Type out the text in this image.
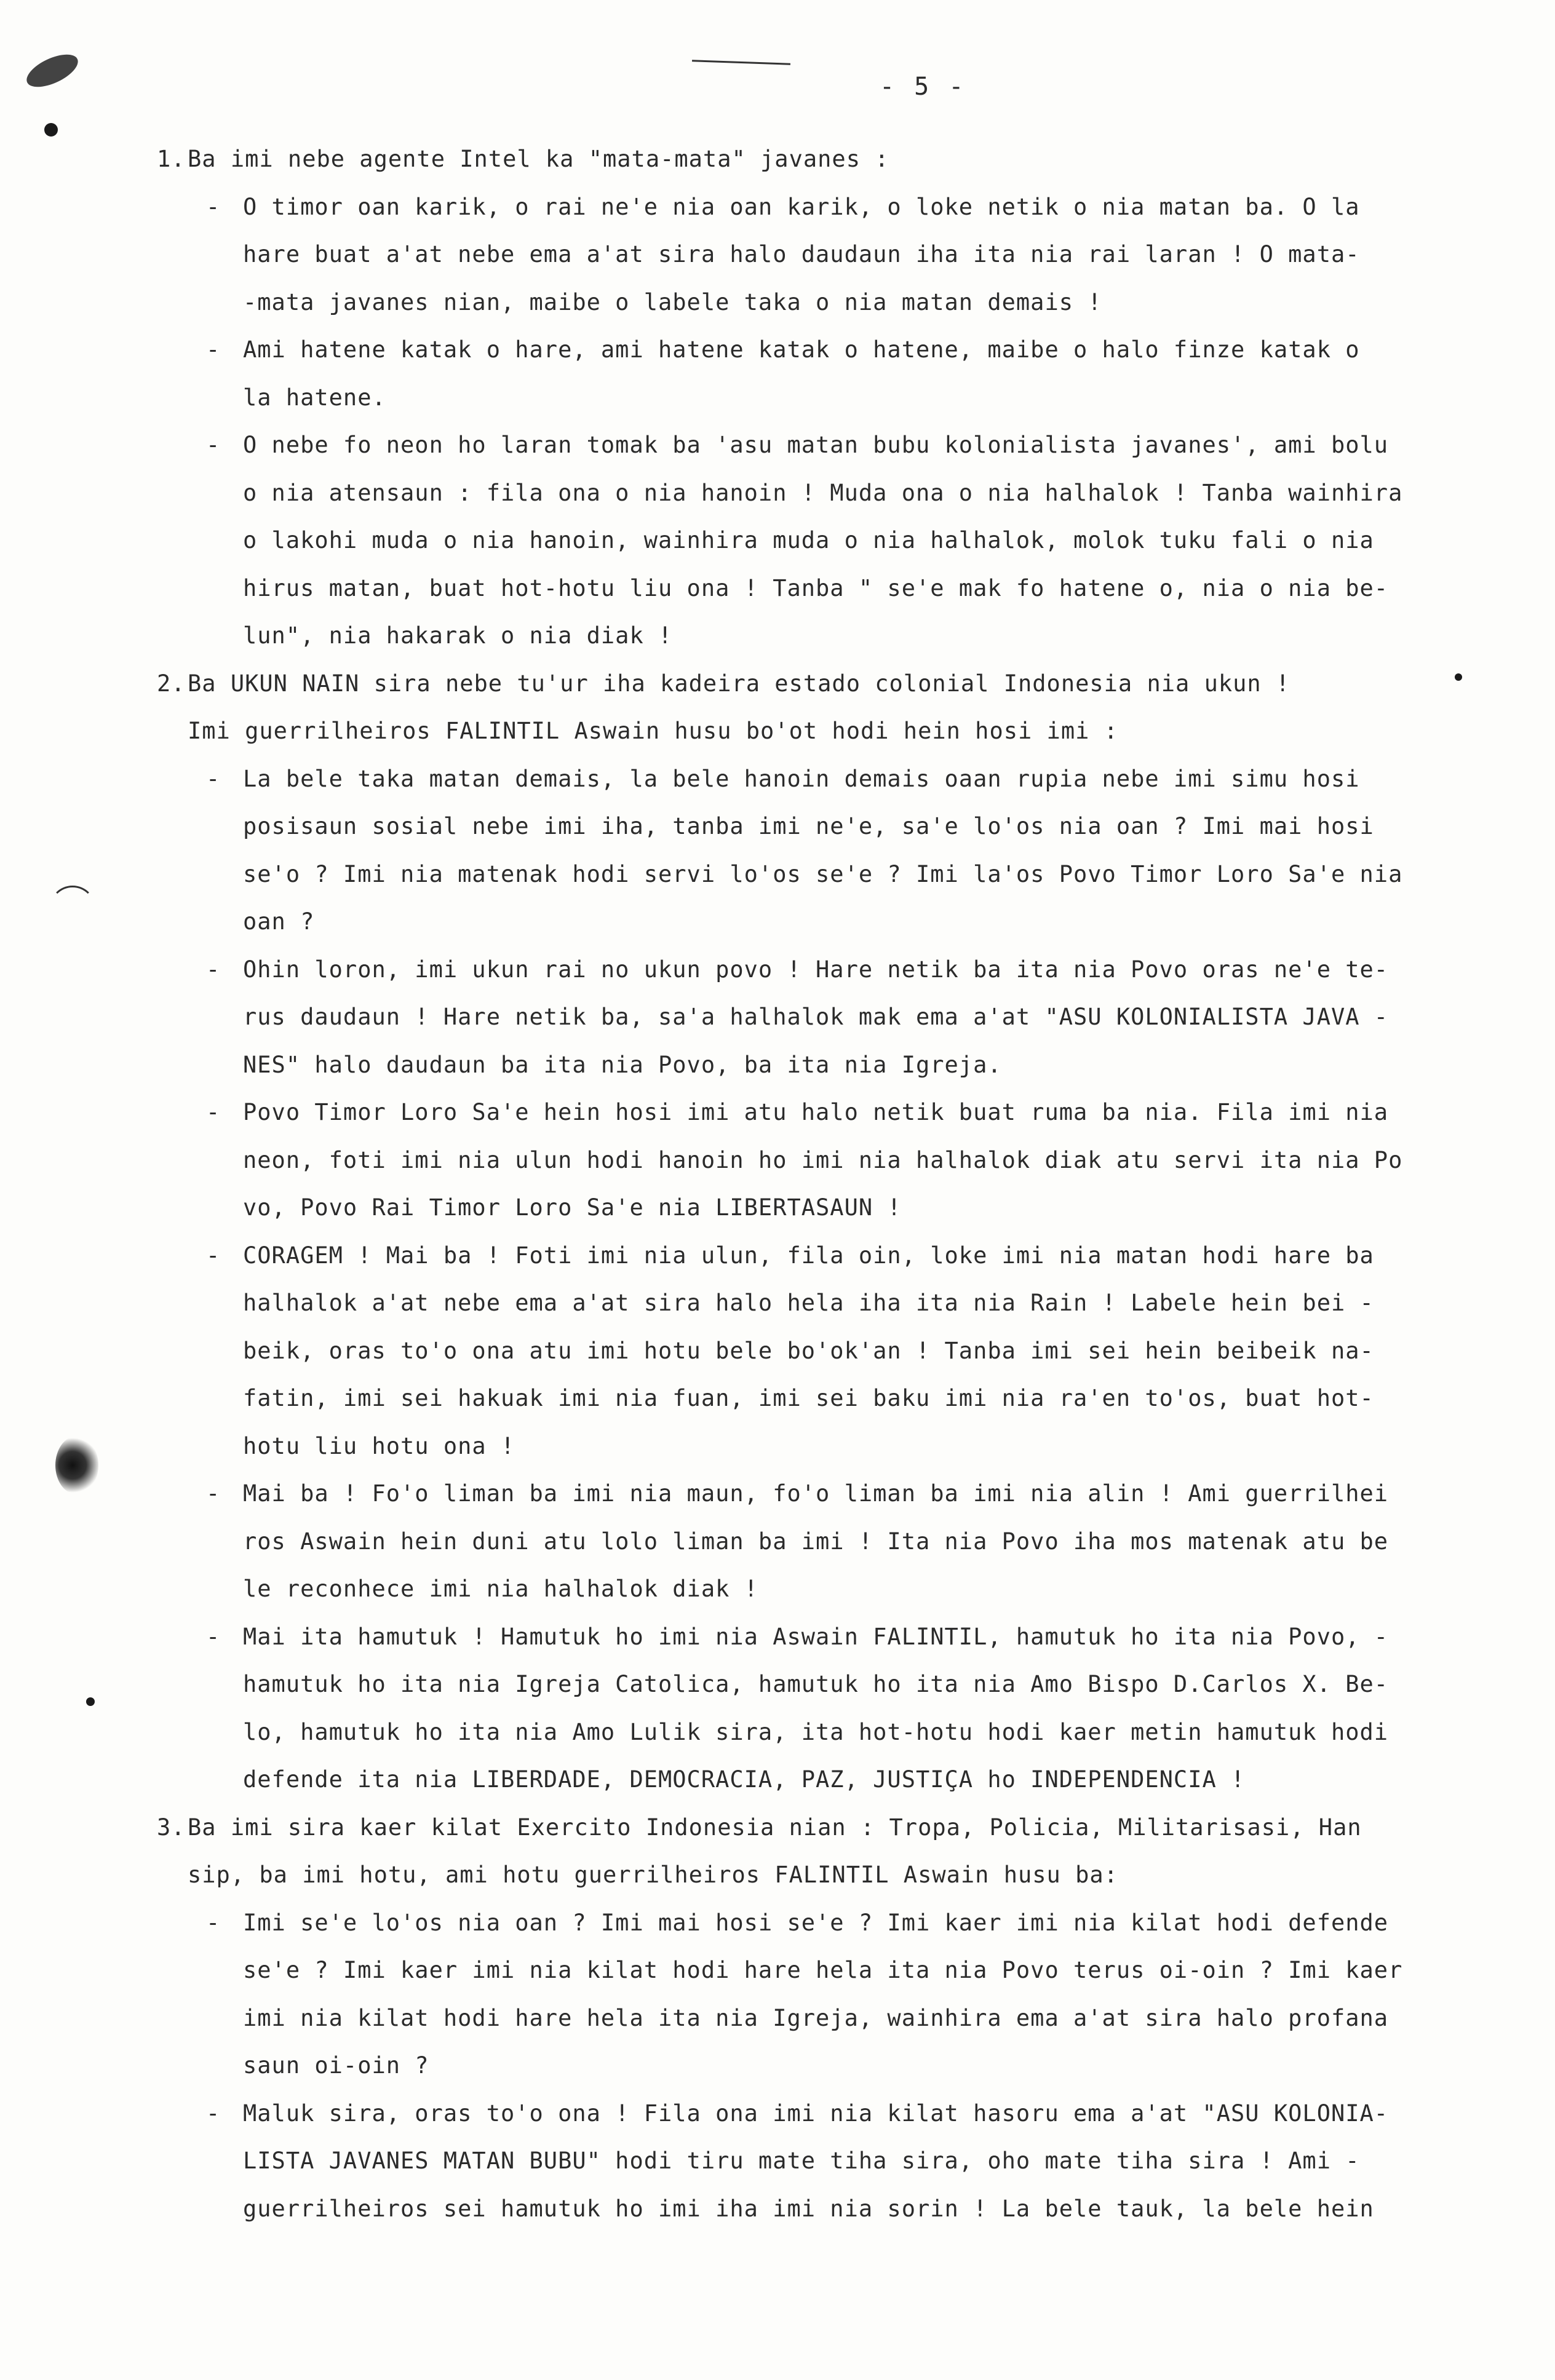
- 5 -

1. Ba imi nebe agente Intel ka "mata-mata" javanes :

- O timor oan karik, o rai ne'e nia oan karik, o loke netik o nia matan ba. O la
hare buat a'at nebe ema a'at sira halo daudaun iha ita nia rai laran ! O mata-
-mata javanes nian, maibe o labele taka o nia matan demais !
- Ami hatene katak o hare, ami hatene katak o hatene, maibe o halo finze katak o
la hatene.
- O nebe fo neon ho laran tomak ba 'asu matan bubu kolonialista javanes', ami bolu
o nia atensaun : fila ona o nia hanoin ! Muda ona o nia halhalok ! Tanba wainhira
o lakohi muda o nia hanoin, wainhira muda o nia halhalok, molok tuku fali o nia
hirus matan, buat hot-hotu liu ona ! Tanba " se'e mak fo hatene o, nia o nia be-
lun", nia hakarak o nia diak !

2. Ba UKUN NAIN sira nebe tu'ur iha kadeira estado colonial Indonesia nia ukun !

Imi guerrilheiros FALINTIL Aswain husu bo'ot hodi hein hosi imi :

- La bele taka matan demais, la bele hanoin demais oaan rupia nebe imi simu hosi
posisaun sosial nebe imi iha, tanba imi ne'e, sa'e lo'os nia oan ? Imi mai hosi
se'o ? Imi nia matenak hodi servi lo'os se'e ? Imi la'os Povo Timor Loro Sa'e nia
oan ?
- Ohin loron, imi ukun rai no ukun povo ! Hare netik ba ita nia Povo oras ne'e te-
rus daudaun ! Hare netik ba, sa'a halhalok mak ema a'at "ASU KOLONIALISTA JAVA -
NES" halo daudaun ba ita nia Povo, ba ita nia Igreja.
- Povo Timor Loro Sa'e hein hosi imi atu halo netik buat ruma ba nia. Fila imi nia
neon, foti imi nia ulun hodi hanoin ho imi nia halhalok diak atu servi ita nia Po
vo, Povo Rai Timor Loro Sa'e nia LIBERTASAUN !
- CORAGEM ! Mai ba ! Foti imi nia ulun, fila oin, loke imi nia matan hodi hare ba
halhalok a'at nebe ema a'at sira halo hela iha ita nia Rain ! Labele hein bei -
beik, oras to'o ona atu imi hotu bele bo'ok'an ! Tanba imi sei hein beibeik na-
fatin, imi sei hakuak imi nia fuan, imi sei baku imi nia ra'en to'os, buat hot-
hotu liu hotu ona !
- Mai ba ! Fo'o liman ba imi nia maun, fo'o liman ba imi nia alin ! Ami guerrilhei
ros Aswain hein duni atu lolo liman ba imi ! Ita nia Povo iha mos matenak atu be
le reconhece imi nia halhalok diak !
- Mai ita hamutuk ! Hamutuk ho imi nia Aswain FALINTIL, hamutuk ho ita nia Povo, -
hamutuk ho ita nia Igreja Catolica, hamutuk ho ita nia Amo Bispo D.Carlos X. Be-
lo, hamutuk ho ita nia Amo Lulik sira, ita hot-hotu hodi kaer metin hamutuk hodi
defende ita nia LIBERDADE, DEMOCRACIA, PAZ, JUSTIÇA ho INDEPENDENCIA !

3. Ba imi sira kaer kilat Exercito Indonesia nian : Tropa, Policia, Militarisasi, Han

sip, ba imi hotu, ami hotu guerrilheiros FALINTIL Aswain husu ba:

- Imi se'e lo'os nia oan ? Imi mai hosi se'e ? Imi kaer imi nia kilat hodi defende
se'e ? Imi kaer imi nia kilat hodi hare hela ita nia Povo terus oi-oin ? Imi kaer
imi nia kilat hodi hare hela ita nia Igreja, wainhira ema a'at sira halo profana
saun oi-oin ?
- Maluk sira, oras to'o ona ! Fila ona imi nia kilat hasoru ema a'at "ASU KOLONIA-
LISTA JAVANES MATAN BUBU" hodi tiru mate tiha sira, oho mate tiha sira ! Ami -
guerrilheiros sei hamutuk ho imi iha imi nia sorin ! La bele tauk, la bele hein
